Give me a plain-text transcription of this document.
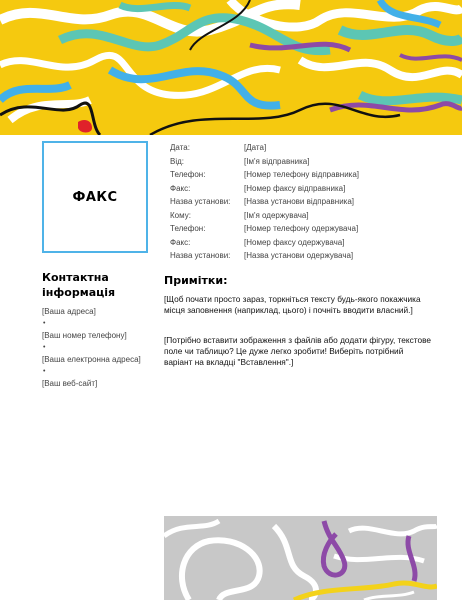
ФАКС
Дата:	[Дата]
Від:	[Ім'я відправника]
Телефон:	[Номер телефону відправника]
Факс:	[Номер факсу відправника]
Назва установи:	[Назва установи відправника]
Кому:	[Ім'я одержувача]
Телефон:	[Номер телефону одержувача]
Факс:	[Номер факсу одержувача]
Назва установи:	[Назва установи одержувача]
Контактна інформація
[Ваша адреса]
•
[Ваш номер телефону]
•
[Ваша електронна адреса]
•
[Ваш веб-сайт]
Примітки:

[Щоб почати просто зараз, торкніться тексту будь-якого покажчика місця заповнення (наприклад, цього) і почніть вводити власний.]

[Потрібно вставити зображення з файлів або додати фігуру, текстове поле чи таблицю? Це дуже легко зробити! Виберіть потрібний варіант на вкладці "Вставлення".]
